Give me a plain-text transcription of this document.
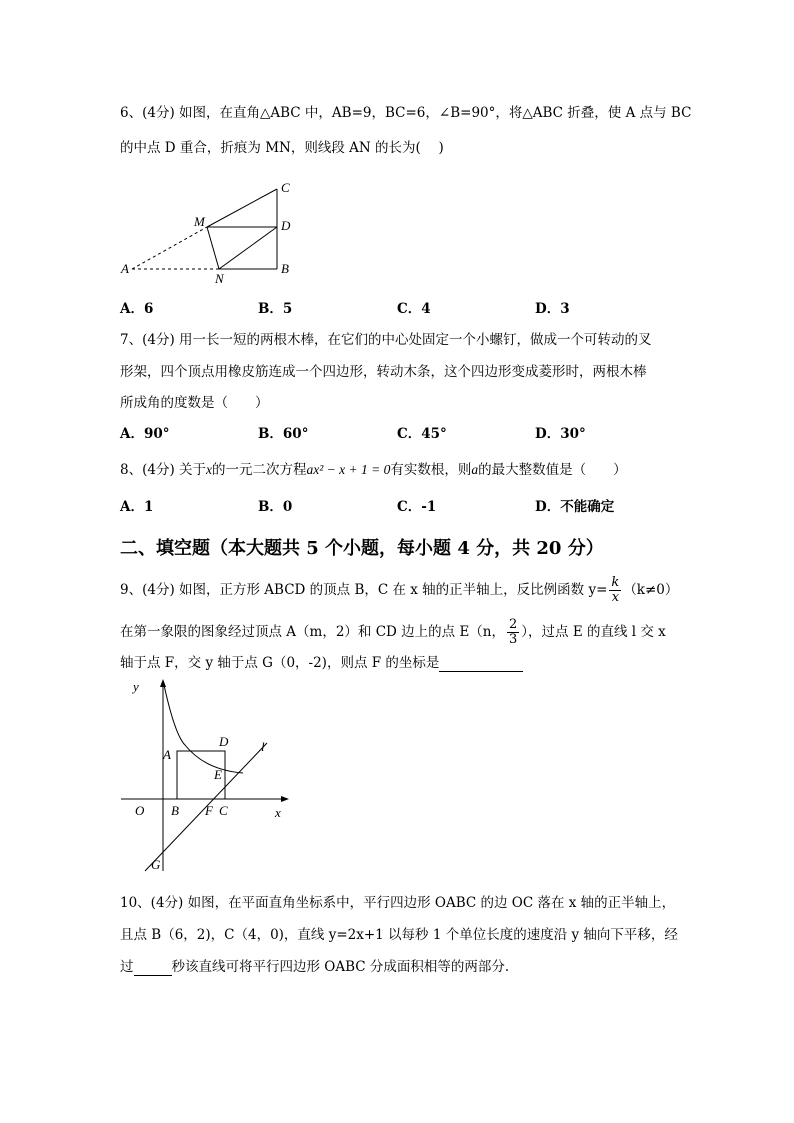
6、(4分) 如图，在直角△ABC 中，AB=9，BC=6，∠B=90°，将△ABC 折叠，使 A 点与 BC
的中点 D 重合，折痕为 MN，则线段 AN 的长为(　 )
A
M
N
C
D
B
A．6	B．5	C．4	D．3
7、(4分) 用一长一短的两根木棒，在它们的中心处固定一个小螺钉，做成一个可转动的叉
形架，四个顶点用橡皮筋连成一个四边形，转动木条，这个四边形变成菱形时，两根木棒
所成角的度数是（　　）
A．90°	B．60°	C．45°	D．30°
8、(4分) 关于x的一元二次方程ax² − x + 1 = 0有实数根，则a的最大整数值是（　　）
A．1	B．0	C．-1	D．不能确定
二、填空题（本大题共 5 个小题，每小题 4 分，共 20 分）
9、(4分) 如图，正方形 ABCD 的顶点 B，C 在 x 轴的正半轴上，反比例函数 $y= \frac{k}{x} (k\ne 0)$
在第一象限的图象经过顶点 A（m，2）和 CD 边上的点 E（n， $\frac{2}{3}$ ），过点 E 的直线 l 交 x
轴于点 F，交 y 轴于点 G（0，-2)，则点 F 的坐标是
y
x
O B F C
A
D
E
G
l
10、(4分) 如图，在平面直角坐标系中，平行四边形 OABC 的边 OC 落在 x 轴的正半轴上，
且点 B（6，2)，C（4，0)，直线 y=2x+1 以每秒 1 个单位长度的速度沿 y 轴向下平移，经
过	秒该直线可将平行四边形 OABC 分成面积相等的两部分.
